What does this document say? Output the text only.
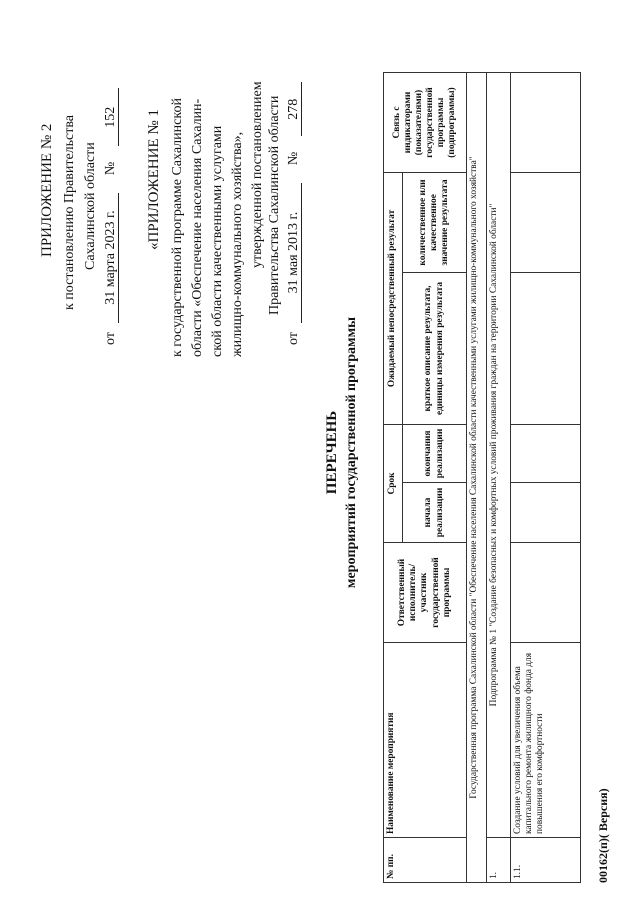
ПРИЛОЖЕНИЕ № 2 к постановлению Правительства Сахалинской области
от 31 марта 2023 г. № 152 «ПРИЛОЖЕНИЕ № 1 к государственной программе Сахалинской области «Обеспечение населения Сахалин- ской области качественными услугами жилищно-коммунального хозяйства», утвержденной постановлением Правительства Сахалинской области
от 31 мая 2013 г. № 278
ПЕРЕЧЕНЬ мероприятий государственной программы
№ пп.	Наименование мероприятия	Ответственный исполнитель/участник государственной программы	Срок		Ожидаемый непосредственный результат		Связь с индикаторами (показателями) государственной программы (подпрограммы)
			начала реализации	окончания реализации	краткое описание результата, единицы измерения результата	количественное или качественное значение результата	
Государственная программа Сахалинской области "Обеспечение населения Сахалинской области качественными услугами жилищно-коммунального хозяйства"							
1.	Подпрограмма № 1 "Создание безопасных и комфортных условий проживания граждан на территории Сахалинской области"						
1.1.	Создание условий для увеличения объема капитального ремонта жилищного фонда для повышения его комфортности						
00162(п)( Версия)
